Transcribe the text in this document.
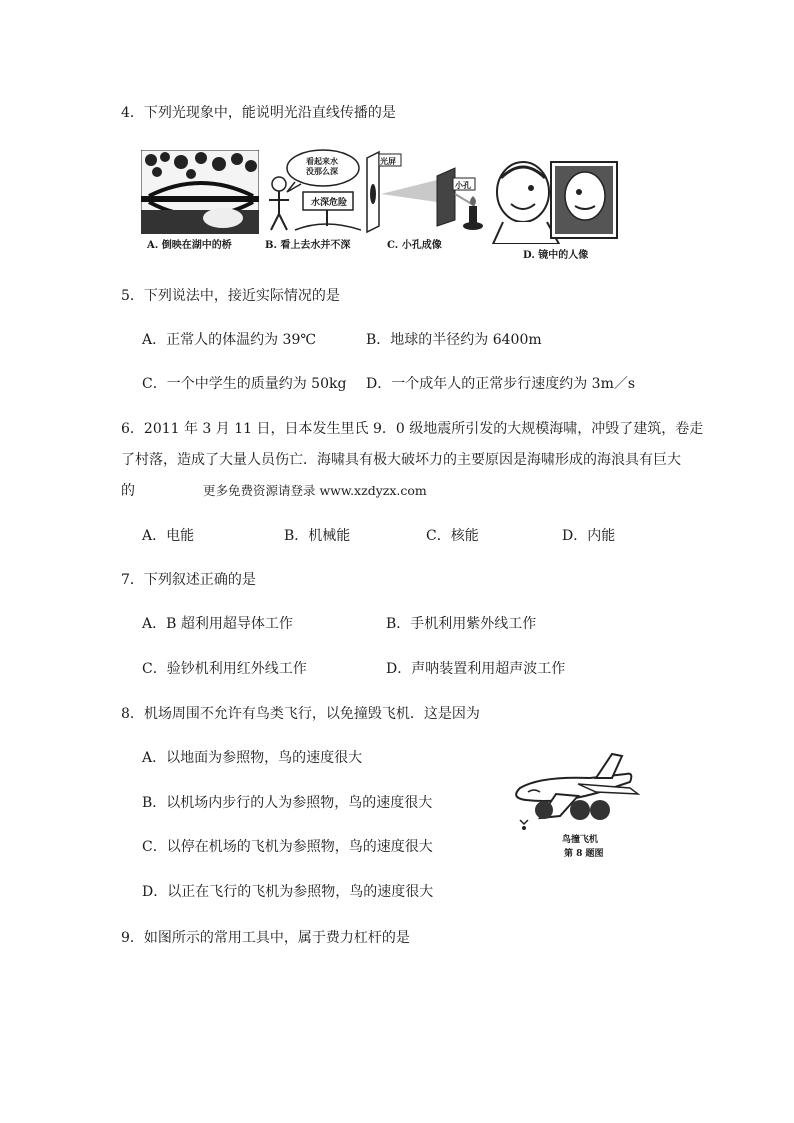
4．下列光现象中，能说明光沿直线传播的是
A. 倒映在湖中的桥
看起来水
没那么深
水深危险
B. 看上去水并不深
光屏
小孔
C. 小孔成像
D. 镜中的人像
5．下列说法中，接近实际情况的是
A．正常人的体温约为 39℃	B．地球的半径约为 6400m
C．一个中学生的质量约为 50kg D．一个成年人的正常步行速度约为 3m／s
6．2011 年 3 月 11 日，日本发生里氏 9．0 级地震所引发的大规模海啸，冲毁了建筑，卷走
了村落，造成了大量人员伤亡．海啸具有极大破坏力的主要原因是海啸形成的海浪具有巨大
的	更多免费资源请登录 www.xzdyzx.com
A．电能	B．机械能	C．核能	D．内能
7．下列叙述正确的是
A．B 超利用超导体工作	B．手机利用紫外线工作
C．验钞机利用红外线工作	D．声呐装置利用超声波工作
8．机场周围不允许有鸟类飞行，以免撞毁飞机．这是因为
A．以地面为参照物，鸟的速度很大
B．以机场内步行的人为参照物，鸟的速度很大
C．以停在机场的飞机为参照物，鸟的速度很大
D．以正在飞行的飞机为参照物，鸟的速度很大
鸟撞飞机
第 8 题图
9．如图所示的常用工具中，属于费力杠杆的是
